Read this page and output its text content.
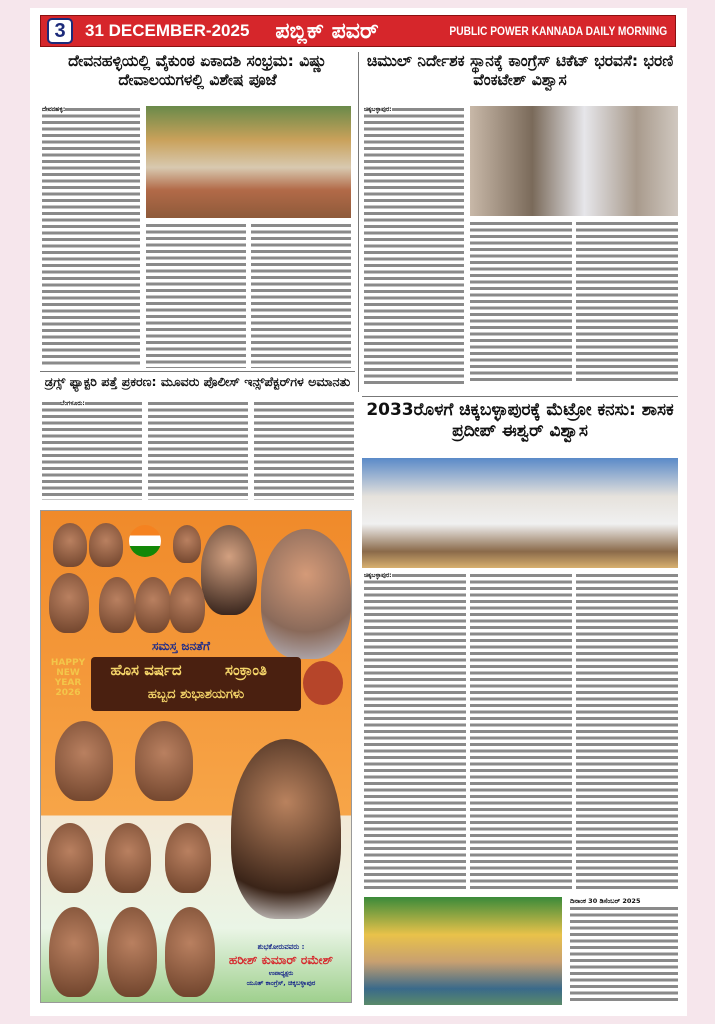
3	31 DECEMBER-2025 ಪಬ್ಲಿಕ್ ಪವರ್	PUBLIC POWER KANNADA DAILY MORNING
ದೇವನಹಳ್ಳಿಯಲ್ಲಿ ವೈಕುಂಠ ಏಕಾದಶಿ ಸಂಭ್ರಮ: ವಿಷ್ಣು ದೇವಾಲಯಗಳಲ್ಲಿ ವಿಶೇಷ ಪೂಜೆ
ದೇವನಹಳ್ಳಿ:
ಡ್ರಗ್ಸ್ ಫ್ಯಾಕ್ಟರಿ ಪತ್ತೆ ಪ್ರಕರಣ: ಮೂವರು ಪೊಲೀಸ್ ಇನ್ಸ್‌ಪೆಕ್ಟರ್‌ಗಳ ಅಮಾನತು
ಬೆಂಗಳೂರು:
ಸಮಸ್ತ ಜನತೆಗೆ
ಹೊಸ ವರ್ಷದ	ಸಂಕ್ರಾಂತಿ
ಹಬ್ಬದ ಶುಭಾಶಯಗಳು
HAPPY NEW YEAR 2026
ಶುಭಕೋರುವವರು :
ಹರೀಶ್ ಕುಮಾರ್ ರಮೇಶ್
ಉಪಾಧ್ಯಕ್ಷರು
ಯೂತ್ ಕಾಂಗ್ರೆಸ್, ಚಿಕ್ಕಬಳ್ಳಾಪುರ
ಚಿಮುಲ್ ನಿರ್ದೇಶಕ ಸ್ಥಾನಕ್ಕೆ ಕಾಂಗ್ರೆಸ್ ಟಿಕೆಟ್ ಭರವಸೆ: ಭರಣಿ ವೆಂಕಟೇಶ್ ವಿಶ್ವಾಸ
ಚಿಕ್ಕಬಳ್ಳಾಪುರ:
2033ರೊಳಗೆ ಚಿಕ್ಕಬಳ್ಳಾಪುರಕ್ಕೆ ಮೆಟ್ರೋ ಕನಸು: ಶಾಸಕ ಪ್ರದೀಪ್ ಈಶ್ವರ್ ವಿಶ್ವಾಸ
ಚಿಕ್ಕಬಳ್ಳಾಪುರ:
ದಿನಾಂಕ 30 ಡಿಸೆಂಬರ್ 2025
